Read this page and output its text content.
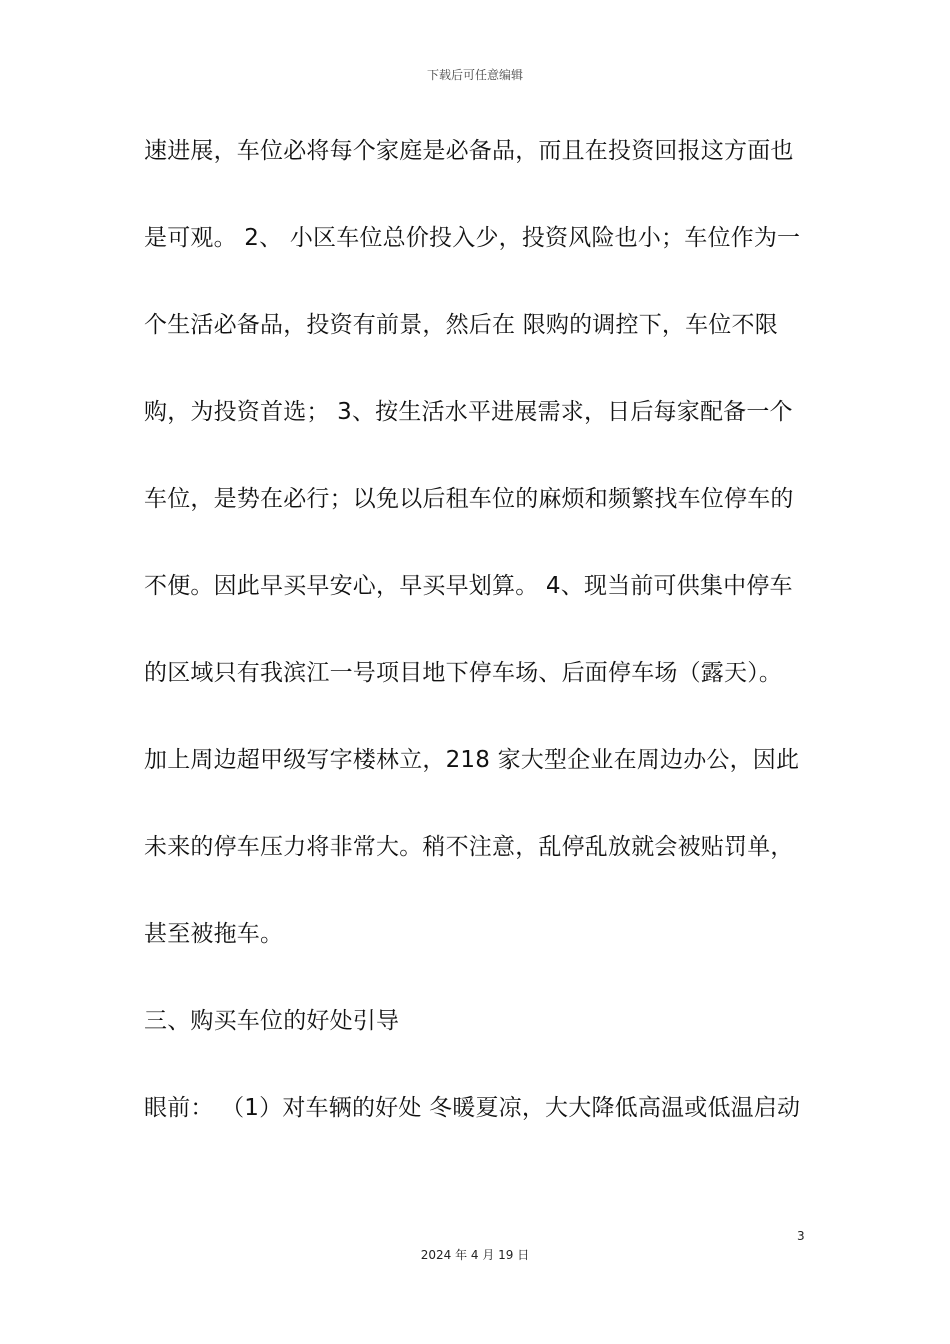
下载后可任意编辑
速进展，车位必将每个家庭是必备品，而且在投资回报这方面也
是可观。 2、 小区车位总价投入少，投资风险也小；车位作为一
个生活必备品，投资有前景，然后在 限购的调控下，车位不限
购，为投资首选； 3、按生活水平进展需求，日后每家配备一个
车位，是势在必行；以免以后租车位的麻烦和频繁找车位停车的
不便。因此早买早安心，早买早划算。 4、现当前可供集中停车
的区域只有我滨江一号项目地下停车场、后面停车场（露天）。
加上周边超甲级写字楼林立，218 家大型企业在周边办公，因此
未来的停车压力将非常大。稍不注意，乱停乱放就会被贴罚单，
甚至被拖车。
三、购买车位的好处引导
眼前： （1）对车辆的好处 冬暖夏凉，大大降低高温或低温启动
3
2024 年 4 月 19 日
